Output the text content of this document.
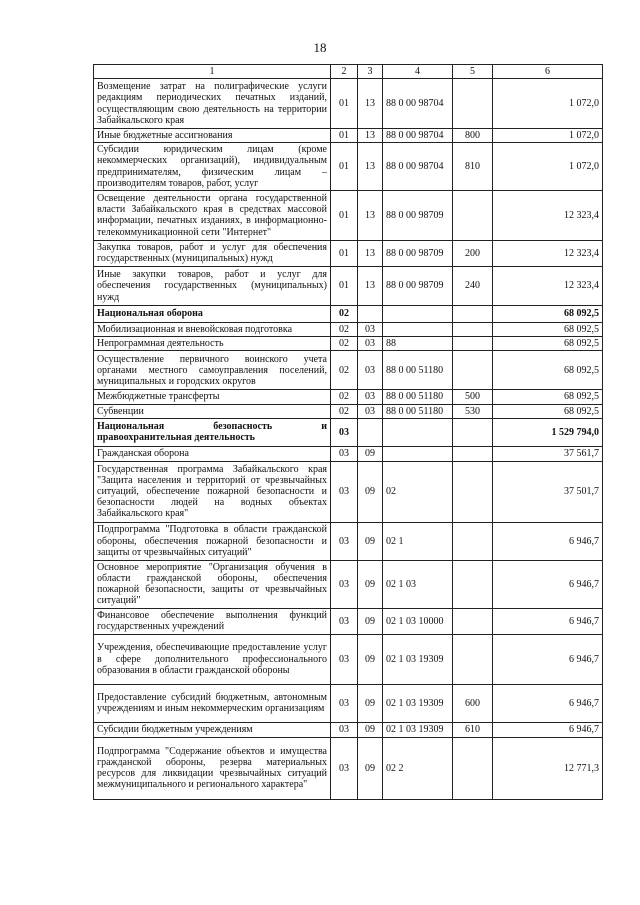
18
1	2	3	4	5	6
Возмещение затрат на полиграфические услуги редакциям периодических печатных изданий, осуществляющим свою деятельность на территории Забайкальского края	01	13	88 0 00 98704		1 072,0
Иные бюджетные ассигнования	01	13	88 0 00 98704	800	1 072,0
Субсидии юридическим лицам (кроме некоммерческих организаций), индивидуальным предпринимателям, физическим лицам – производителям товаров, работ, услуг	01	13	88 0 00 98704	810	1 072,0
Освещение деятельности органа государственной власти Забайкальского края в средствах массовой информации, печатных изданиях, в информационно-телекоммуникационной сети "Интернет"	01	13	88 0 00 98709		12 323,4
Закупка товаров, работ и услуг для обеспечения государственных (муниципальных) нужд	01	13	88 0 00 98709	200	12 323,4
Иные закупки товаров, работ и услуг для обеспечения государственных (муниципальных) нужд	01	13	88 0 00 98709	240	12 323,4
Национальная оборона	02				68 092,5
Мобилизационная и вневойсковая подготовка	02	03			68 092,5
Непрограммная деятельность	02	03	88		68 092,5
Осуществление первичного воинского учета органами местного самоуправления поселений, муниципальных и городских округов	02	03	88 0 00 51180		68 092,5
Межбюджетные трансферты	02	03	88 0 00 51180	500	68 092,5
Субвенции	02	03	88 0 00 51180	530	68 092,5
Национальная безопасность и правоохранительная деятельность	03				1 529 794,0
Гражданская оборона	03	09			37 561,7
Государственная программа Забайкальского края "Защита населения и территорий от чрезвычайных ситуаций, обеспечение пожарной безопасности и безопасности людей на водных объектах Забайкальского края"	03	09	02		37 501,7
Подпрограмма "Подготовка в области гражданской обороны, обеспечения пожарной безопасности и защиты от чрезвычайных ситуаций"	03	09	02 1		6 946,7
Основное мероприятие "Организация обучения в области гражданской обороны, обеспечения пожарной безопасности, защиты от чрезвычайных ситуаций"	03	09	02 1 03		6 946,7
Финансовое обеспечение выполнения функций государственных учреждений	03	09	02 1 03 10000		6 946,7
Учреждения, обеспечивающие предоставление услуг в сфере дополнительного профессионального образования в области гражданской обороны	03	09	02 1 03 19309		6 946,7
Предоставление субсидий бюджетным, автономным учреждениям и иным некоммерческим организациям	03	09	02 1 03 19309	600	6 946,7
Субсидии бюджетным учреждениям	03	09	02 1 03 19309	610	6 946,7
Подпрограмма "Содержание объектов и имущества гражданской обороны, резерва материальных ресурсов для ликвидации чрезвычайных ситуаций межмуниципального и регионального характера"	03	09	02 2		12 771,3
